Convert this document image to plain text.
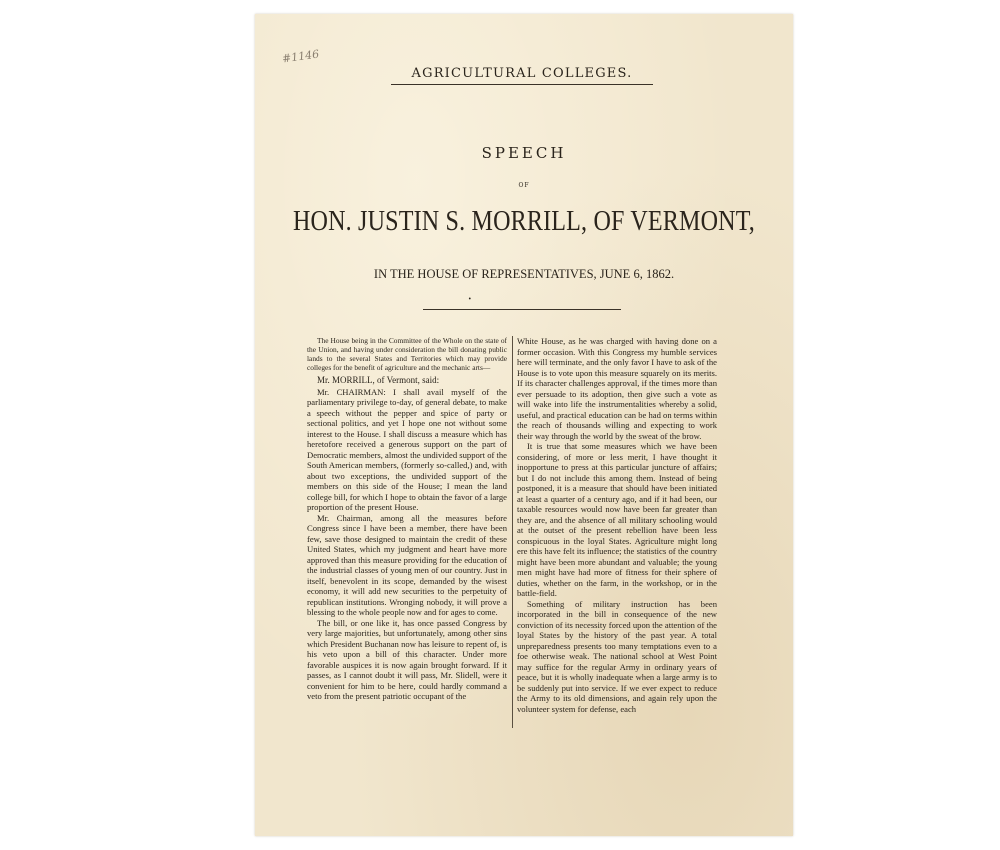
#1146
AGRICULTURAL COLLEGES.
SPEECH
OF
HON. JUSTIN S. MORRILL, OF VERMONT,
IN THE HOUSE OF REPRESENTATIVES, JUNE 6, 1862.
•

The House being in the Committee of the Whole on the state of the Union, and having under consideration the bill donating public lands to the several States and Territories which may provide colleges for the benefit of agriculture and the mechanic arts—

Mr. MORRILL, of Vermont, said:

Mr. CHAIRMAN: I shall avail myself of the parliamentary privilege to-day, of general debate, to make a speech without the pepper and spice of party or sectional politics, and yet I hope one not without some interest to the House. I shall discuss a measure which has heretofore received a generous support on the part of Democratic members, almost the undivided support of the South American members, (formerly so-called,) and, with about two exceptions, the undivided support of the members on this side of the House; I mean the land college bill, for which I hope to obtain the favor of a large proportion of the present House.

Mr. Chairman, among all the measures before Congress since I have been a member, there have been few, save those designed to maintain the credit of these United States, which my judgment and heart have more approved than this measure providing for the education of the industrial classes of young men of our country. Just in itself, benevolent in its scope, demanded by the wisest economy, it will add new securities to the perpetuity of republican institutions. Wronging nobody, it will prove a blessing to the whole people now and for ages to come.

The bill, or one like it, has once passed Congress by very large majorities, but unfortunately, among other sins which President Buchanan now has leisure to repent of, is his veto upon a bill of this character. Under more favorable auspices it is now again brought forward. If it passes, as I cannot doubt it will pass, Mr. Slidell, were it convenient for him to be here, could hardly command a veto from the present patriotic occupant of the

White House, as he was charged with having done on a former occasion. With this Congress my humble services here will terminate, and the only favor I have to ask of the House is to vote upon this measure squarely on its merits. If its character challenges approval, if the times more than ever persuade to its adoption, then give such a vote as will wake into life the instrumentalities whereby a solid, useful, and practical education can be had on terms within the reach of thousands willing and expecting to work their way through the world by the sweat of the brow.

It is true that some measures which we have been considering, of more or less merit, I have thought it inopportune to press at this particular juncture of affairs; but I do not include this among them. Instead of being postponed, it is a measure that should have been initiated at least a quarter of a century ago, and if it had been, our taxable resources would now have been far greater than they are, and the absence of all military schooling would at the outset of the present rebellion have been less conspicuous in the loyal States. Agriculture might long ere this have felt its influence; the statistics of the country might have been more abundant and valuable; the young men might have had more of fitness for their sphere of duties, whether on the farm, in the workshop, or in the battle-field.

Something of military instruction has been incorporated in the bill in consequence of the new conviction of its necessity forced upon the attention of the loyal States by the history of the past year. A total unpreparedness presents too many temptations even to a foe otherwise weak. The national school at West Point may suffice for the regular Army in ordinary years of peace, but it is wholly inadequate when a large army is to be suddenly put into service. If we ever expect to reduce the Army to its old dimensions, and again rely upon the volunteer system for defense, each
